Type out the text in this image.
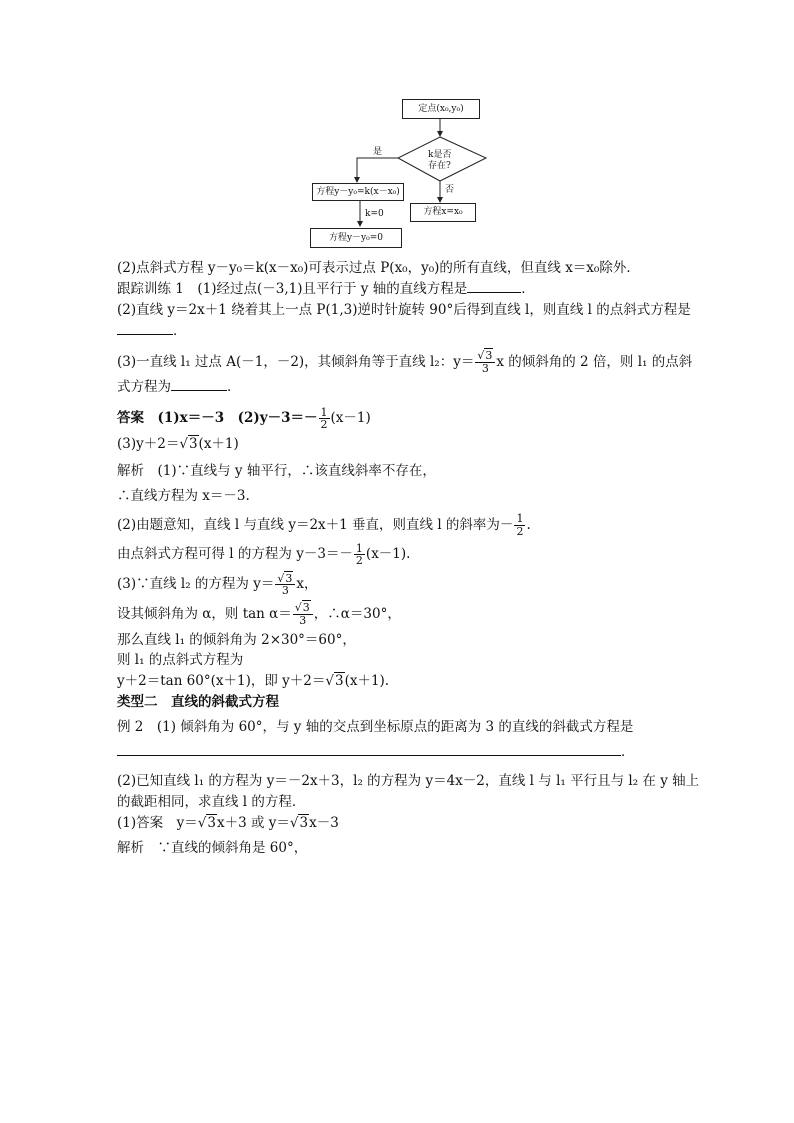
定点(x₀,y₀)
k是否
存在?
是
否
方程y－y₀=k(x－x₀)
k=0
方程y－y₀=0
方程x=x₀

(2)点斜式方程 y－y₀＝k(x－x₀)可表示过点 P(x₀，y₀)的所有直线，但直线 x＝x₀除外．

跟踪训练 1　(1)经过点(－3,1)且平行于 y 轴的直线方程是	．

(2)直线 y＝2x＋1 绕着其上一点 P(1,3)逆时针旋转 90°后得到直线 l，则直线 l 的点斜式方程是

．

(3)一直线 l₁ 过点 A(－1，－2)，其倾斜角等于直线 l₂：$y= \frac{√3}{3}$ x 的倾斜角的 2 倍，则 l₁ 的点斜

式方程为	．

答案　(1)x＝－3　$(2)y-3=- \frac{1}{2} (x-1)$

(3)y＋2＝√3(x＋1)

解析　(1)∵直线与 y 轴平行，∴该直线斜率不存在，

∴直线方程为 x＝－3.

(2)由题意知，直线 l 与直线 y＝2x＋1 垂直，则直线 l 的斜率为－ $\frac{1}{2}$ .

由点斜式方程可得 l 的方程为 $y-3=- \frac{1}{2} (x-1)$.

(3)∵直线 l₂ 的方程为 $y= \frac{√3}{3}$ x，

设其倾斜角为 α，则 $\tan \alpha= \frac{√3}{3}$ ，∴α＝30°，

那么直线 l₁ 的倾斜角为 2×30°＝60°，

则 l₁ 的点斜式方程为

y＋2＝tan 60°(x＋1)，即 y＋2＝√3(x＋1).

类型二　直线的斜截式方程

例 2　(1) 倾斜角为 60°，与 y 轴的交点到坐标原点的距离为 3 的直线的斜截式方程是

．

(2)已知直线 l₁ 的方程为 y＝－2x＋3，l₂ 的方程为 y＝4x－2，直线 l 与 l₁ 平行且与 l₂ 在 y 轴上

的截距相同，求直线 l 的方程．

(1)答案　y＝√3x＋3 或 y＝√3x－3

解析　∵直线的倾斜角是 60°，
